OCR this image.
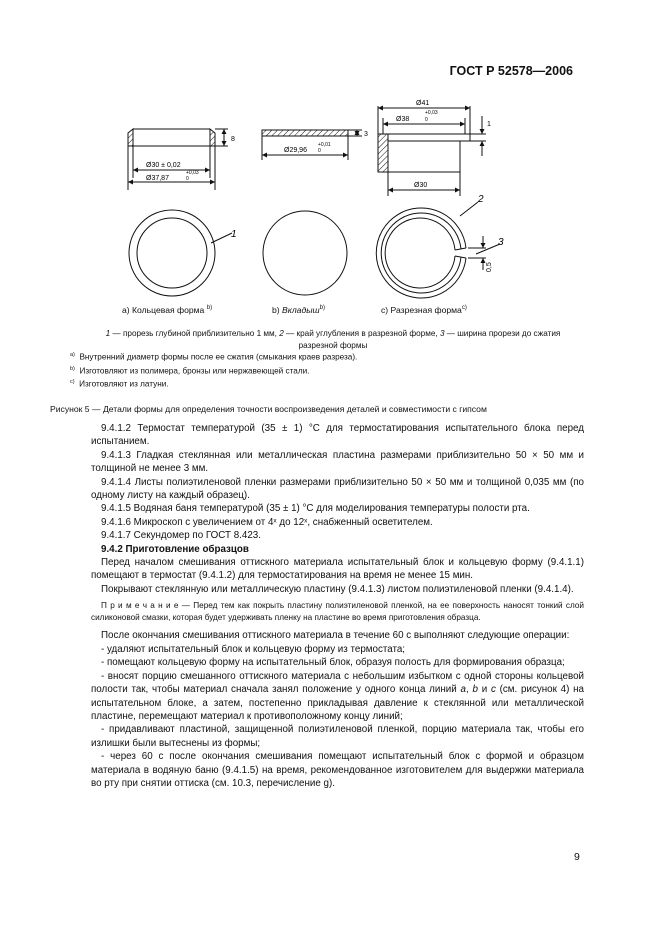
ГОСТ Р 52578—2006
Ø30 ± 0,02
Ø37,87
+0,03
0
8
Ø29,96
+0,01
0
3
Ø41
Ø38
+0,03
0
1
Ø30
1
2
3
0,5
a) Кольцевая форма $^{b)}$	b) Вкладыш$^{b)}$	c) Разрезная форма$^{c)}$
1 — прорезь глубиной приблизительно 1 мм, 2 — край углубления в разрезной форме, 3 — ширина прорези до сжатия
разрезной формы
$^{a)}$ Внутренний диаметр формы после ее сжатия (смыкания краев разреза).
$^{b)}$ Изготовляют из полимера, бронзы или нержавеющей стали.
$^{c)}$ Изготовляют из латуни.
Рисунок 5 — Детали формы для определения точности воспроизведения деталей и совместимости с гипсом

9.4.1.2 Термостат температурой (35 ± 1) °С для термостатирования испытательного блока перед испытанием.

9.4.1.3 Гладкая стеклянная или металлическая пластина размерами приблизительно 50 × 50 мм и толщиной не менее 3 мм.

9.4.1.4 Листы полиэтиленовой пленки размерами приблизительно 50 × 50 мм и толщиной 0,035 мм (по одному листу на каждый образец).

9.4.1.5 Водяная баня температурой (35 ± 1) °С для моделирования температуры полости рта.

9.4.1.6 Микроскоп с увеличением от 4ˣ до 12ˣ, снабженный осветителем.

9.4.1.7 Секундомер по ГОСТ 8.423.

9.4.2 Приготовление образцов

Перед началом смешивания оттискного материала испытательный блок и кольцевую форму (9.4.1.1) помещают в термостат (9.4.1.2) для термостатирования на время не менее 15 мин.

Покрывают стеклянную или металлическую пластину (9.4.1.3) листом полиэтиленовой пленки (9.4.1.4).

П р и м е ч а н и е — Перед тем как покрыть пластину полиэтиленовой пленкой, на ее поверхность наносят тонкий слой силиконовой смазки, которая будет удерживать пленку на пластине во время приготовления образца.

После окончания смешивания оттискного материала в течение 60 с выполняют следующие операции:

- удаляют испытательный блок и кольцевую форму из термостата;

- помещают кольцевую форму на испытательный блок, образуя полость для формирования образца;

- вносят порцию смешанного оттискного материала с небольшим избытком с одной стороны кольцевой полости так, чтобы материал сначала занял положение у одного конца линий a, b и c (см. рисунок 4) на испытательном блоке, а затем, постепенно прикладывая давление к стеклянной или металлической пластине, перемещают материал к противоположному концу линий;

- придавливают пластиной, защищенной полиэтиленовой пленкой, порцию материала так, чтобы его излишки были вытеснены из формы;

- через 60 с после окончания смешивания помещают испытательный блок с формой и образцом материала в водяную баню (9.4.1.5) на время, рекомендованное изготовителем для выдержки материала во рту при снятии оттиска (см. 10.3, перечисление g).

9
